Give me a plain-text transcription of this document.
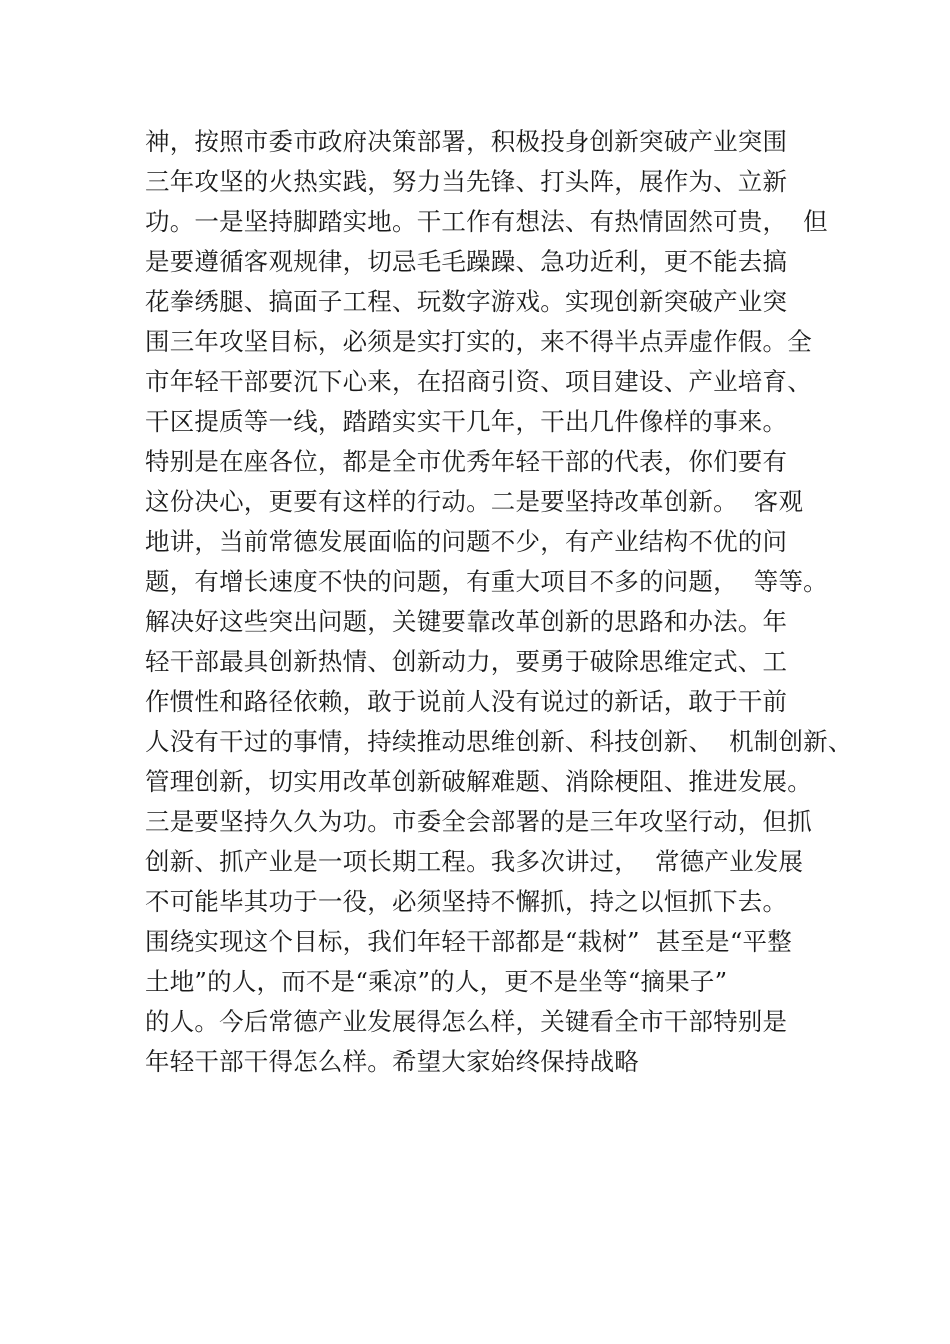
神，按照市委市政府决策部署，积极投身创新突破产业突围
三年攻坚的火热实践，努力当先锋、打头阵，展作为、立新
功。一是坚持脚踏实地。干工作有想法、有热情固然可贵，  但
是要遵循客观规律，切忌毛毛躁躁、急功近利，更不能去搞
花拳绣腿、搞面子工程、玩数字游戏。实现创新突破产业突
围三年攻坚目标，必须是实打实的，来不得半点弄虚作假。全
市年轻干部要沉下心来，在招商引资、项目建设、产业培育、
⼲区提质等一线，踏踏实实干几年，干出几件像样的事来。
特别是在座各位，都是全市优秀年轻干部的代表，你们要有
这份决心，更要有这样的行动。二是要坚持改革创新。  客观
地讲，当前常德发展面临的问题不少，有产业结构不优的问
题，有增长速度不快的问题，有重大项目不多的问题，  等等。
解决好这些突出问题，关键要靠改革创新的思路和办法。年
轻干部最具创新热情、创新动力，要勇于破除思维定式、工
作惯性和路径依赖，敢于说前人没有说过的新话，敢于干前
人没有干过的事情，持续推动思维创新、科技创新、  机制创新、
管理创新，切实用改革创新破解难题、消除梗阻、推进发展。
三是要坚持久久为功。市委全会部署的是三年攻坚行动，但抓
创新、抓产业是一项长期工程。我多次讲过，  常德产业发展
不可能毕其功于一役，必须坚持不懈抓，持之以恒抓下去。
围绕实现这个目标，我们年轻干部都是“栽树”  甚至是“平整
土地”的人，而不是“乘凉”的人，更不是坐等“摘果子”
的人。今后常德产业发展得怎么样，关键看全市干部特别是
年轻干部干得怎么样。希望大家始终保持战略
